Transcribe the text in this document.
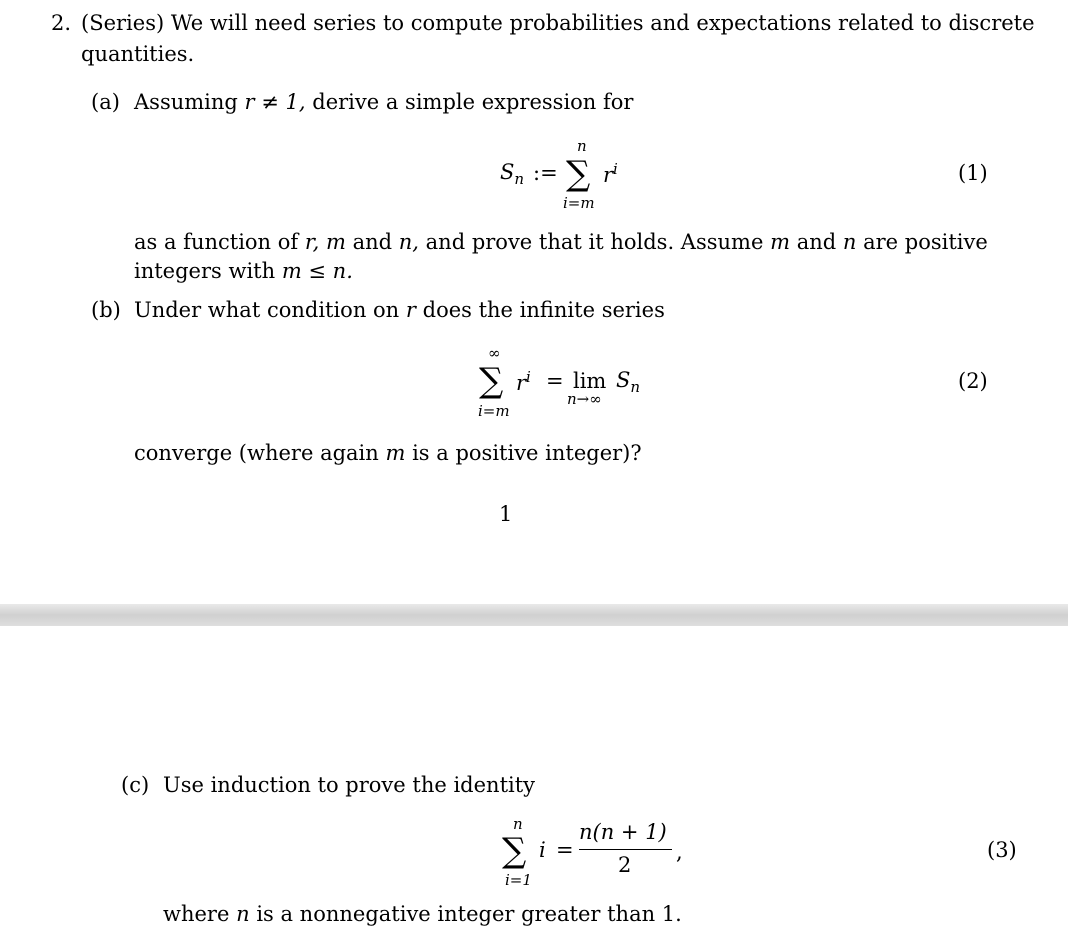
2. (Series) We will need series to compute probabilities and expectations related to discrete
quantities.
(a) Assuming r ≠ 1, derive a simple expression for
$S_n$ :=
n
∑
i=m
$r^i$	(1)
as a function of r, m and n, and prove that it holds. Assume m and n are positive
integers with m ≤ n.
(b) Under what condition on r does the infinite series
∞
∑
i=m
$r^i = \lim$
n→∞
$S_n$	(2)
converge (where again m is a positive integer)?
1
(c) Use induction to prove the identity
n
∑
i=1
i =
n(n + 1)
2
,	(3)
where n is a nonnegative integer greater than 1.
